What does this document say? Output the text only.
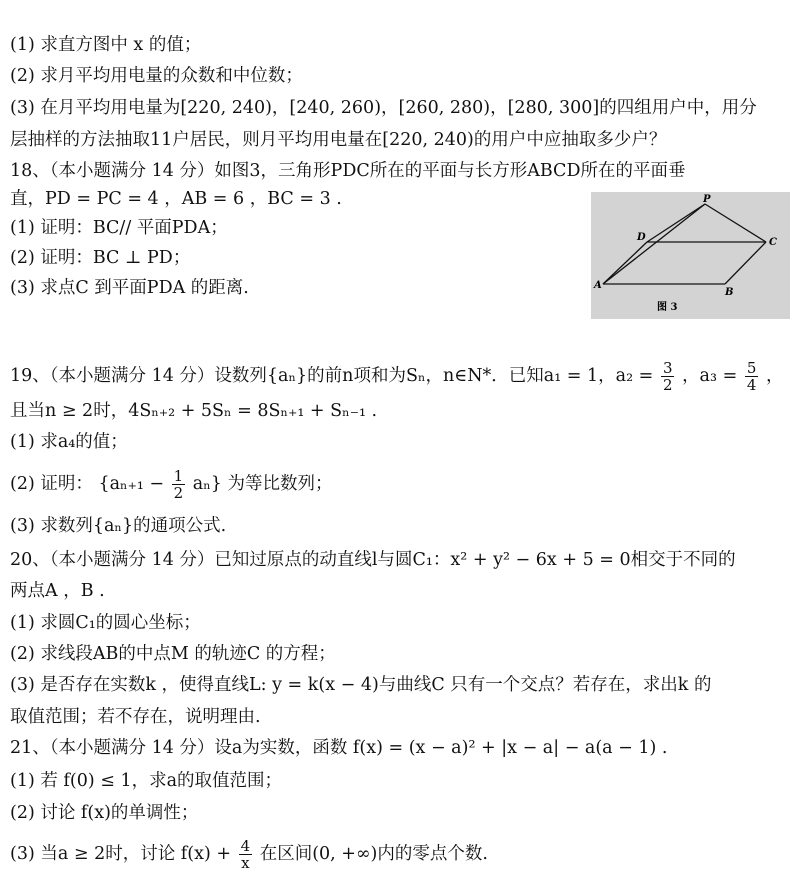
(1) 求直方图中 x 的值；
(2) 求月平均用电量的众数和中位数；
(3) 在月平均用电量为[220, 240)，[240, 260)，[260, 280)，[280, 300]的四组用户中，用分
层抽样的方法抽取11户居民，则月平均用电量在[220, 240)的用户中应抽取多少户？
18、（本小题满分 14 分）如图3，三角形PDC所在的平面与长方形ABCD所在的平面垂
直，PD = PC = 4 ，AB = 6 ，BC = 3 .
(1) 证明：BC// 平面PDA；
(2) 证明：BC ⊥ PD；
(3) 求点C 到平面PDA 的距离.
P
D	C
A
B
图 3
19、（本小题满分 14 分）设数列{aₙ}的前n项和为Sₙ，n∈N*．已知a₁ = 1，$a_2 = \frac{3}{2}$ ，$a_3 = \frac{5}{4}$ ，
且当n ≥ 2时，4Sₙ₊₂ + 5Sₙ = 8Sₙ₊₁ + Sₙ₋₁ .
(1) 求a₄的值；
(2) 证明： $\{a_{n+1} - \frac{1}{2} a_n\}$ 为等比数列；
(3) 求数列{aₙ}的通项公式.
20、（本小题满分 14 分）已知过原点的动直线l与圆C₁：x² + y² − 6x + 5 = 0相交于不同的
两点A ，B .
(1) 求圆C₁的圆心坐标；
(2) 求线段AB的中点M 的轨迹C 的方程；
(3) 是否存在实数k ，使得直线L: y = k(x − 4)与曲线C 只有一个交点？若存在，求出k 的
取值范围；若不存在，说明理由.
21、（本小题满分 14 分）设a为实数，函数 f(x) = (x − a)² + |x − a| − a(a − 1) .
(1) 若 f(0) ≤ 1，求a的取值范围；
(2) 讨论 f(x)的单调性；
(3) 当a ≥ 2时，讨论 $f(x) + \frac{4}{x}$ 在区间(0, +∞)内的零点个数.
